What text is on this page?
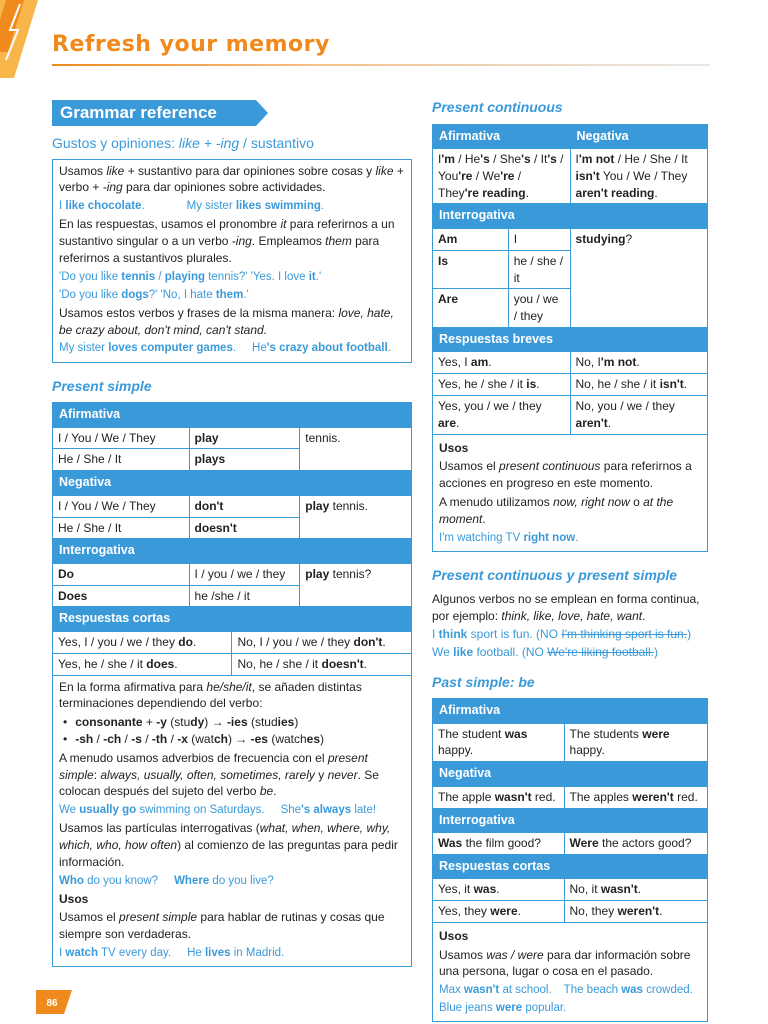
Refresh your memory
Grammar reference
Gustos y opiniones: like + -ing / sustantivo

Usamos like + sustantivo para dar opiniones sobre cosas y like + verbo + -ing para dar opiniones sobre actividades.

I like chocolate.	My sister likes swimming.

En las respuestas, usamos el pronombre it para referirnos a un sustantivo singular o a un verbo -ing. Empleamos them para referirnos a sustantivos plurales.

'Do you like tennis / playing tennis?' 'Yes. I love it.'

'Do you like dogs?' 'No, I hate them.'

Usamos estos verbos y frases de la misma manera: love, hate, be crazy about, don't mind, can't stand.

My sister loves computer games. He's crazy about football.

Present simple
Afirmativa			
I / You / We / They	play		tennis.
He / She / It	plays		
Negativa			
I / You / We / They	don't		play tennis.
He / She / It	doesn't		
Interrogativa			
Do	I / you / we / they		play tennis?
Does	he /she / it		
Respuestas cortas			
Yes, I / you / we / they do.		No, I / you / we / they don't.	
Yes, he / she / it does.		No, he / she / it doesn't.	

En la forma afirmativa para he/she/it, se añaden distintas terminaciones dependiendo del verbo:

• consonante + -y (study) → -ies (studies)
• -sh / -ch / -s / -th / -x (watch) → -es (watches)

A menudo usamos adverbios de frecuencia con el present simple: always, usually, often, sometimes, rarely y never. Se colocan después del sujeto del verbo be.

We usually go swimming on Saturdays. She's always late!

Usamos las partículas interrogativas (what, when, where, why, which, who, how often) al comienzo de las preguntas para pedir información.

Who do you know? Where do you live?

Usos

Usamos el present simple para hablar de rutinas y cosas que siempre son verdaderas.

I watch TV every day. He lives in Madrid.

Present continuous
Afirmativa		Negativa
I'm / He's / She's / It's / You're / We're / They're reading.		I'm not / He / She / It isn't You / We / They aren't reading.
Interrogativa		
Am	I	studying?
Is	he / she / it	
Are	you / we / they	
Respuestas breves		
Yes, I am.		No, I'm not.
Yes, he / she / it is.		No, he / she / it isn't.
Yes, you / we / they are.		No, you / we / they aren't.

Usos

Usamos el present continuous para referirnos a acciones en progreso en este momento.

A menudo utilizamos now, right now o at the moment.

I'm watching TV right now.

Present continuous y present simple

Algunos verbos no se emplean en forma continua, por ejemplo: think, like, love, hate, want.

I think sport is fun. (NO I'm thinking sport is fun.)

We like football. (NO We're liking football.)

Past simple: be
Afirmativa	
The student was happy.	The students were happy.
Negativa	
The apple wasn't red.	The apples weren't red.
Interrogativa	
Was the film good?	Were the actors good?
Respuestas cortas	
Yes, it was.	No, it wasn't.
Yes, they were.	No, they weren't.

Usos

Usamos was / were para dar información sobre una persona, lugar o cosa en el pasado.

Max wasn't at school. The beach was crowded.

Blue jeans were popular.

86
